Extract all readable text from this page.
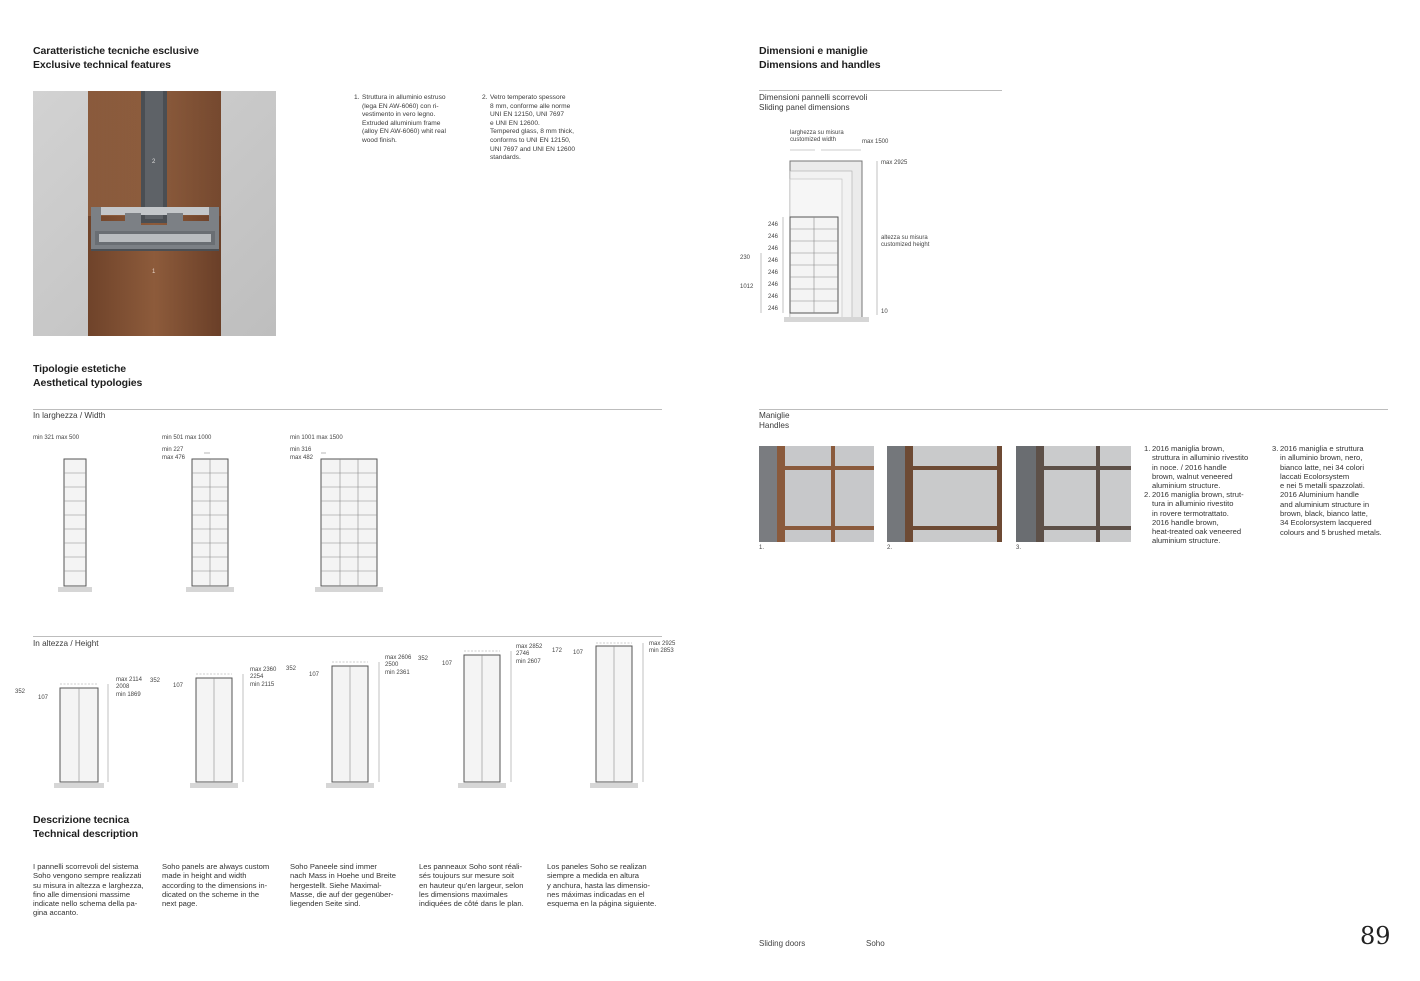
Caratteristiche tecniche esclusive
Exclusive technical features
2
1
1. Struttura in alluminio estruso
(lega EN AW-6060) con ri-
vestimento in vero legno.
Extruded alluminium frame
(alloy EN AW-6060) whit real
wood finish.
2. Vetro temperato spessore
8 mm, conforme alle norme
UNI EN 12150, UNI 7697
e UNI EN 12600.
Tempered glass, 8 mm thick,
conforms to UNI EN 12150,
UNI 7697 and UNI EN 12600
standards.
Tipologie estetiche
Aesthetical typologies
In larghezza / Width
min 321 max 500	min 501 max 1000
min 227
max 476
min 1001 max 1500
min 316
max 482
In altezza / Height
352
107
max 2114
2008
min 1869
352
107
max 2360
2254
min 2115
352
107
max 2606
2500
min 2361
352
107
max 2852
2746
min 2607
172 107
max 2925
min 2853
Descrizione tecnica
Technical description
I pannelli scorrevoli del sistema
Soho vengono sempre realizzati
su misura in altezza e larghezza,
fino alle dimensioni massime
indicate nello schema della pa-
gina accanto.
Soho panels are always custom
made in height and width
according to the dimensions in-
dicated on the scheme in the
next page.
Soho Paneele sind immer
nach Mass in Hoehe und Breite
hergestellt. Siehe Maximal-
Masse, die auf der gegenüber-
liegenden Seite sind.
Les panneaux Soho sont réali-
sés toujours sur mesure soit
en hauteur qu'en largeur, selon
les dimensions maximales
indiquées de côté dans le plan.
Los paneles Soho se realizan
siempre a medida en altura
y anchura, hasta las dimensio-
nes máximas indicadas en el
esquema en la página siguiente.
Dimensioni e maniglie
Dimensions and handles
Dimensioni pannelli scorrevoli
Sliding panel dimensions
larghezza su misura
customized width	max 1500
max 2925
altezza su misura
customized height
10
230
1012
246
246
246
246
246
246
246
246
Maniglie
Handles
1.	2.	3.
1. 2016 maniglia brown,
struttura in alluminio rivestito
in noce. / 2016 handle
brown, walnut veneered
aluminium structure.
2. 2016 maniglia brown, strut-
tura in alluminio rivestito
in rovere termotrattato.
2016 handle brown,
heat-treated oak veneered
aluminium structure.
3. 2016 maniglia e struttura
in alluminio brown, nero,
bianco latte, nei 34 colori
laccati Ecolorsystem
e nei 5 metalli spazzolati.
2016 Aluminium handle
and aluminium structure in
brown, black, bianco latte,
34 Ecolorsystem lacquered
colours and 5 brushed metals.
Sliding doors	Soho	89
